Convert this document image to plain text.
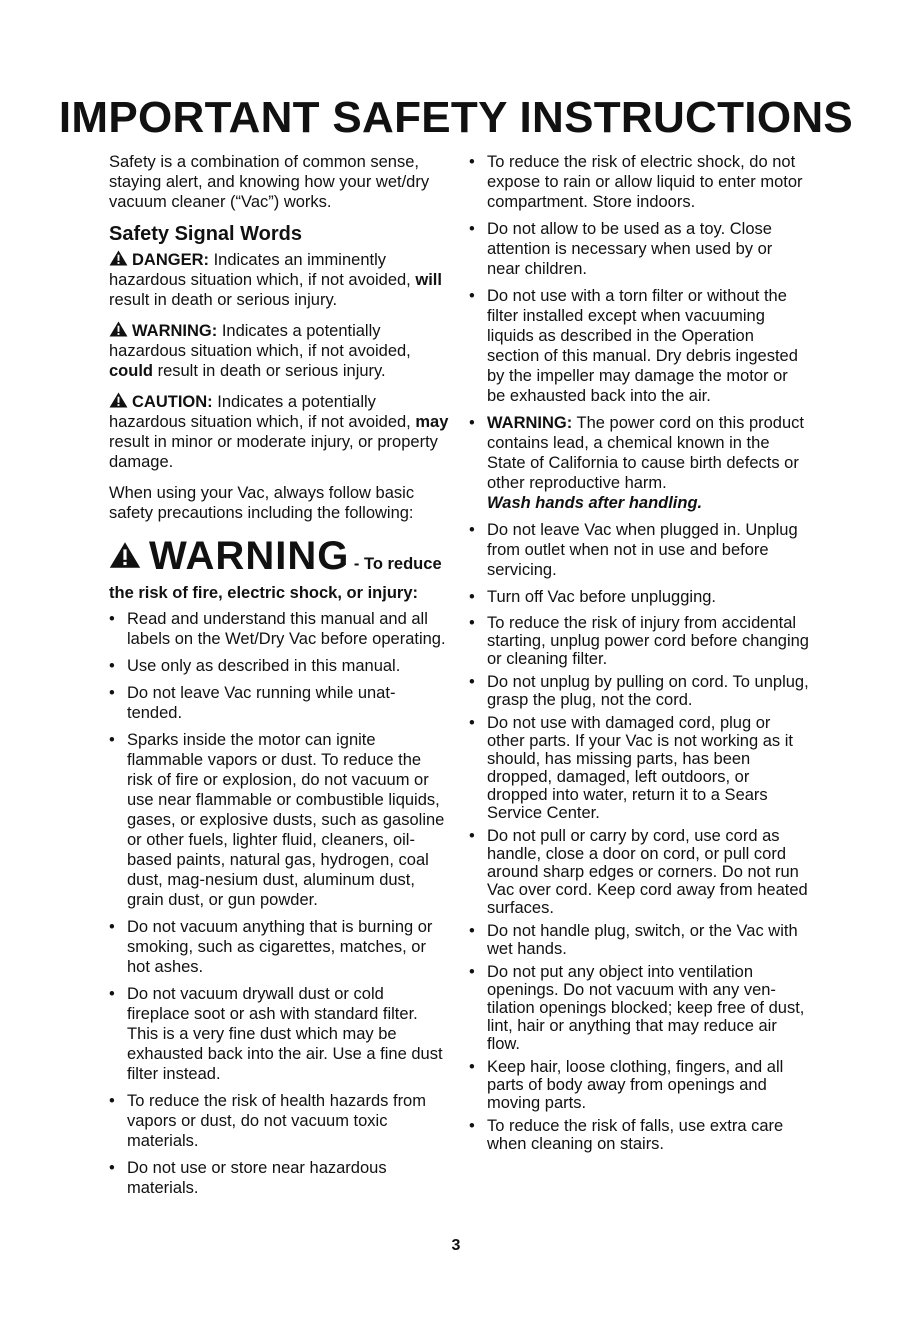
IMPORTANT SAFETY INSTRUCTIONS

Safety is a combination of common sense, staying alert, and knowing how your wet/dry vacuum cleaner (“Vac”) works.

Safety Signal Words

DANGER: Indicates an imminently hazardous situation which, if not avoided, will result in death or serious injury.

WARNING: Indicates a potentially hazardous situation which, if not avoided, could result in death or serious injury.

CAUTION: Indicates a potentially hazardous situation which, if not avoided, may result in minor or moderate injury, or property damage.

When using your Vac, always follow basic safety precautions including the following:

WARNING - To reduce

the risk of fire, electric shock, or injury:

• Read and understand this manual and all labels on the Wet/Dry Vac before operating.
• Use only as described in this manual.
• Do not leave Vac running while unat-tended.
• Sparks inside the motor can ignite flammable vapors or dust. To reduce the risk of fire or explosion, do not vacuum or use near flammable or combustible liquids, gases, or explosive dusts, such as gasoline or other fuels, lighter fluid, cleaners, oil-based paints, natural gas, hydrogen, coal dust, mag-nesium dust, aluminum dust, grain dust, or gun powder.
• Do not vacuum anything that is burning or smoking, such as cigarettes, matches, or hot ashes.
• Do not vacuum drywall dust or cold fireplace soot or ash with standard filter. This is a very fine dust which may be exhausted back into the air. Use a fine dust filter instead.
• To reduce the risk of health hazards from vapors or dust, do not vacuum toxic materials.
• Do not use or store near hazardous materials.
• To reduce the risk of electric shock, do not expose to rain or allow liquid to enter motor compartment. Store indoors.
• Do not allow to be used as a toy. Close attention is necessary when used by or near children.
• Do not use with a torn filter or without the filter installed except when vacuuming liquids as described in the Operation section of this manual. Dry debris ingested by the impeller may damage the motor or be exhausted back into the air.
• WARNING: The power cord on this product contains lead, a chemical known in the State of California to cause birth defects or other reproductive harm.
Wash hands after handling.
• Do not leave Vac when plugged in. Unplug from outlet when not in use and before servicing.
• Turn off Vac before unplugging.
• To reduce the risk of injury from accidental starting, unplug power cord before changing or cleaning filter.
• Do not unplug by pulling on cord. To unplug, grasp the plug, not the cord.
• Do not use with damaged cord, plug or other parts. If your Vac is not working as it should, has missing parts, has been dropped, damaged, left outdoors, or dropped into water, return it to a Sears Service Center.
• Do not pull or carry by cord, use cord as handle, close a door on cord, or pull cord around sharp edges or corners. Do not run Vac over cord. Keep cord away from heated surfaces.
• Do not handle plug, switch, or the Vac with wet hands.
• Do not put any object into ventilation openings. Do not vacuum with any ven-tilation openings blocked; keep free of dust, lint, hair or anything that may reduce air flow.
• Keep hair, loose clothing, fingers, and all parts of body away from openings and moving parts.
• To reduce the risk of falls, use extra care when cleaning on stairs.
3
